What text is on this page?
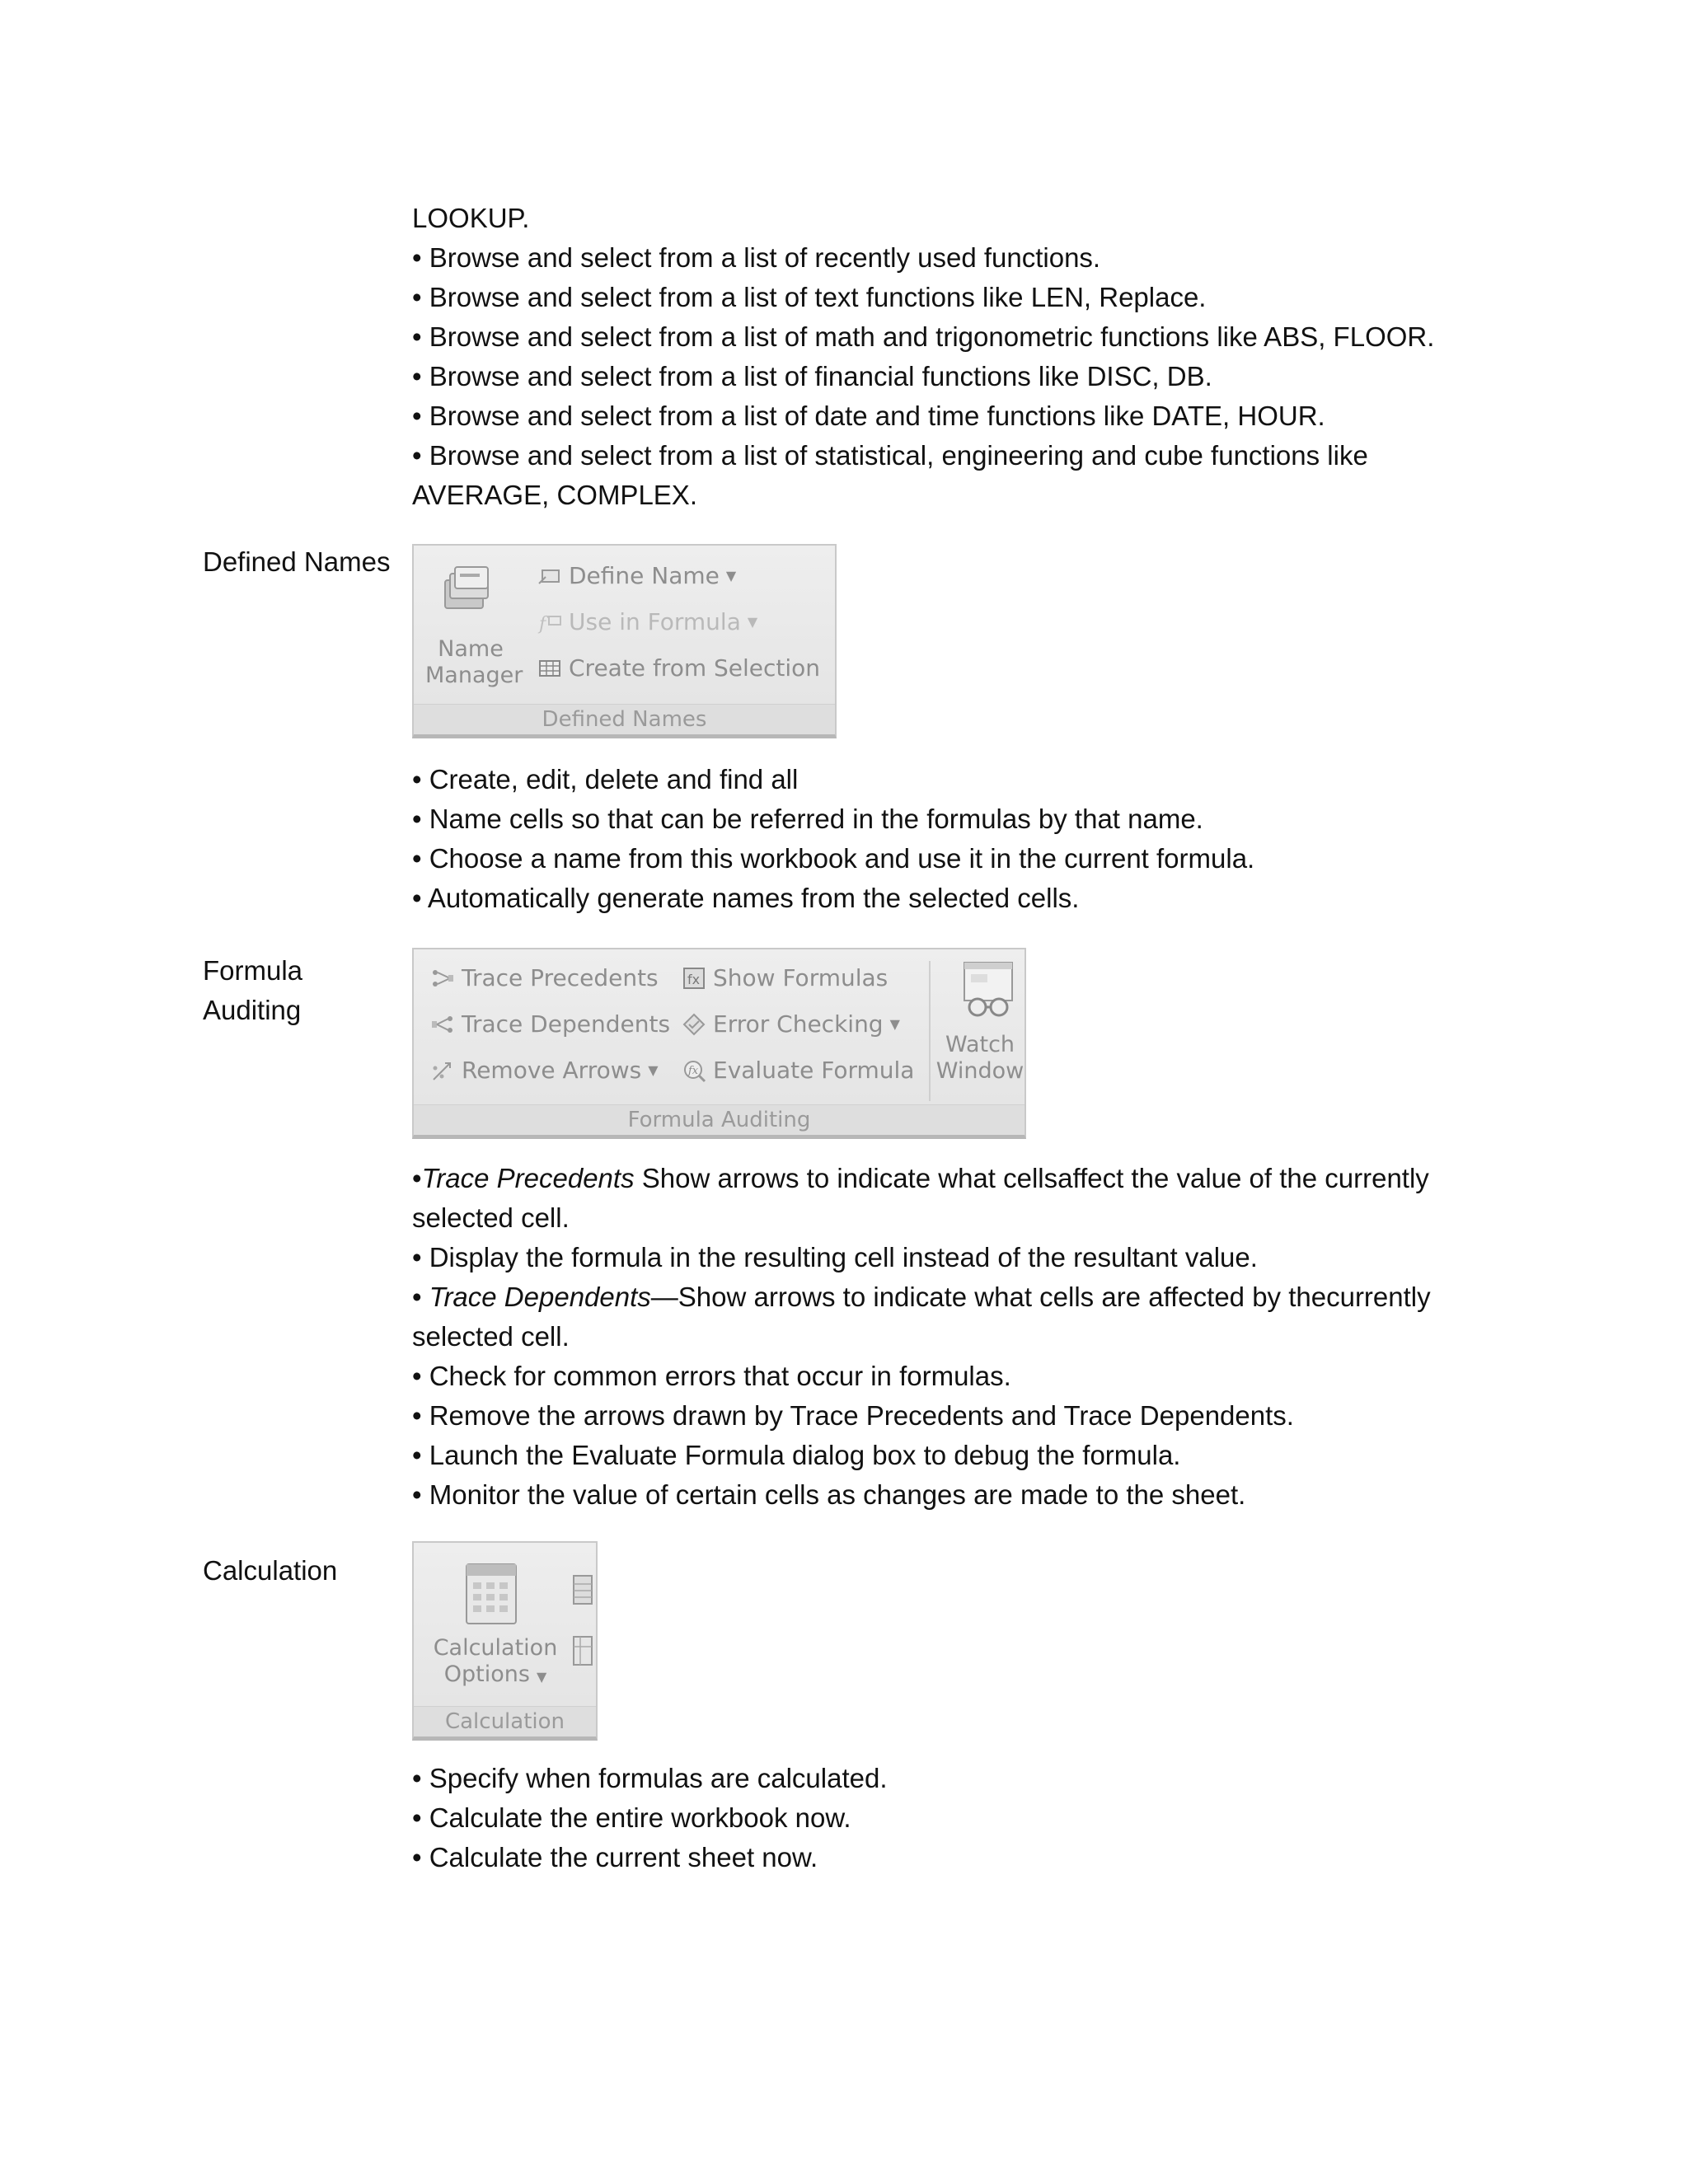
LOOKUP.

• Browse and select from a list of recently used functions.

• Browse and select from a list of text functions like LEN, Replace.

• Browse and select from a list of math and trigonometric functions like ABS, FLOOR.

• Browse and select from a list of financial functions like DISC, DB.

• Browse and select from a list of date and time functions like DATE, HOUR.

• Browse and select from a list of statistical, engineering and cube functions like

AVERAGE, COMPLEX.

Defined Names
Name
Manager
Define Name ▼
f Use in Formula ▼
Create from Selection
Defined Names

• Create, edit, delete and find all

• Name cells so that can be referred in the formulas by that name.

• Choose a name from this workbook and use it in the current formula.

• Automatically generate names from the selected cells.

Formula
Auditing
Trace Precedents
Trace Dependents
Remove Arrows ▼
fx Show Formulas
Error Checking ▼
fx Evaluate Formula
Watch
Window
Formula Auditing

•Trace Precedents Show arrows to indicate what cellsaffect the value of the currently

selected cell.

• Display the formula in the resulting cell instead of the resultant value.

• Trace Dependents—Show arrows to indicate what cells are affected by thecurrently

selected cell.

• Check for common errors that occur in formulas.

• Remove the arrows drawn by Trace Precedents and Trace Dependents.

• Launch the Evaluate Formula dialog box to debug the formula.

• Monitor the value of certain cells as changes are made to the sheet.

Calculation
Calculation
Options ▼
Calculation

• Specify when formulas are calculated.

• Calculate the entire workbook now.

• Calculate the current sheet now.
